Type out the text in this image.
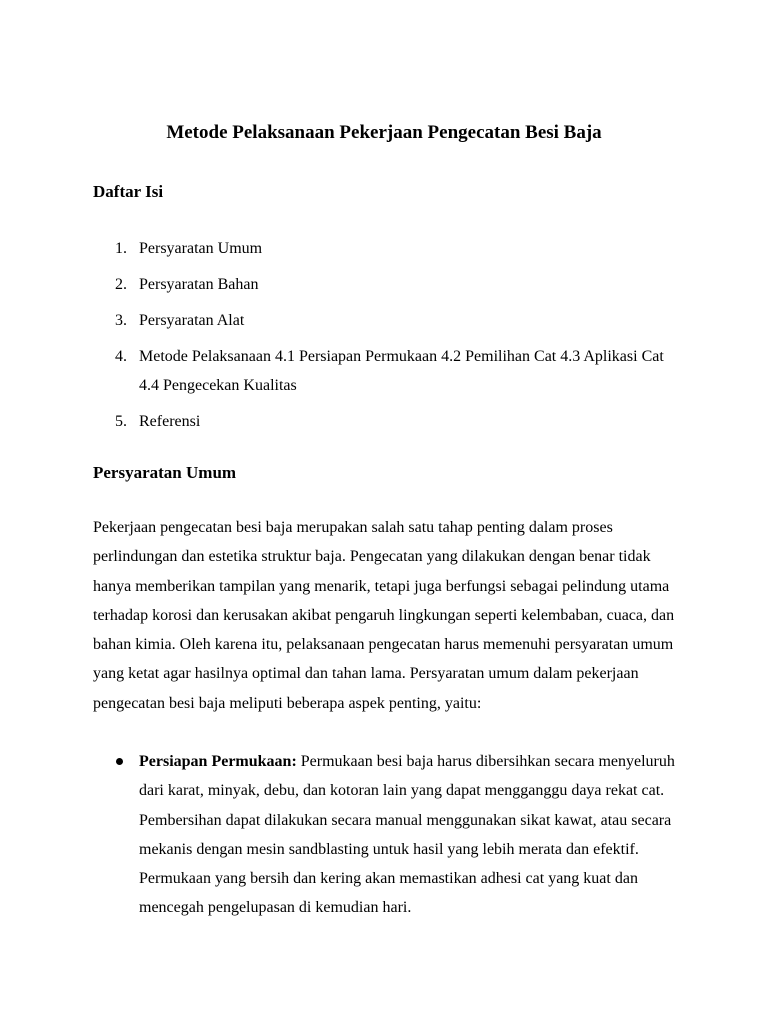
Metode Pelaksanaan Pekerjaan Pengecatan Besi Baja
Daftar Isi
1. Persyaratan Umum
2. Persyaratan Bahan
3. Persyaratan Alat
4. Metode Pelaksanaan 4.1 Persiapan Permukaan 4.2 Pemilihan Cat 4.3 Aplikasi Cat 4.4 Pengecekan Kualitas
5. Referensi
Persyaratan Umum

Pekerjaan pengecatan besi baja merupakan salah satu tahap penting dalam proses perlindungan dan estetika struktur baja. Pengecatan yang dilakukan dengan benar tidak hanya memberikan tampilan yang menarik, tetapi juga berfungsi sebagai pelindung utama terhadap korosi dan kerusakan akibat pengaruh lingkungan seperti kelembaban, cuaca, dan bahan kimia. Oleh karena itu, pelaksanaan pengecatan harus memenuhi persyaratan umum yang ketat agar hasilnya optimal dan tahan lama. Persyaratan umum dalam pekerjaan pengecatan besi baja meliputi beberapa aspek penting, yaitu:

Persiapan Permukaan: Permukaan besi baja harus dibersihkan secara menyeluruh dari karat, minyak, debu, dan kotoran lain yang dapat mengganggu daya rekat cat. Pembersihan dapat dilakukan secara manual menggunakan sikat kawat, atau secara mekanis dengan mesin sandblasting untuk hasil yang lebih merata dan efektif. Permukaan yang bersih dan kering akan memastikan adhesi cat yang kuat dan mencegah pengelupasan di kemudian hari.
